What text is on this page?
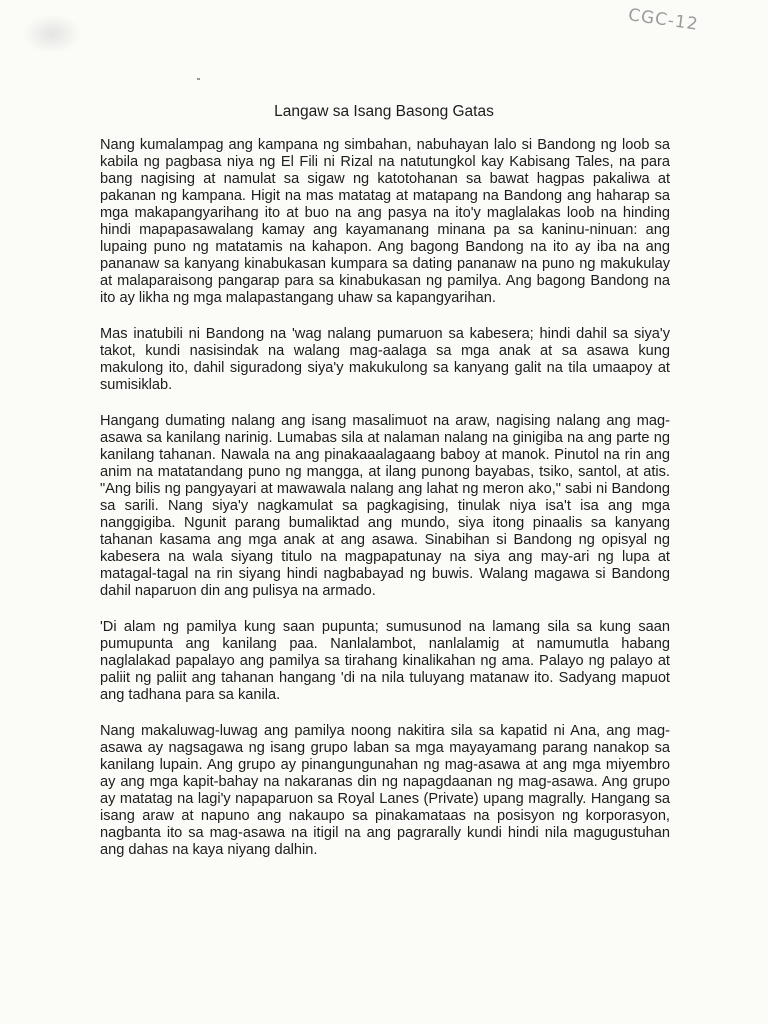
CGC-12
Langaw sa Isang Basong Gatas

Nang kumalampag ang kampana ng simbahan, nabuhayan lalo si Bandong ng loob sa kabila ng pagbasa niya ng El Fili ni Rizal na natutungkol kay Kabisang Tales, na para bang nagising at namulat sa sigaw ng katotohanan sa bawat hagpas pakaliwa at pakanan ng kampana. Higit na mas matatag at matapang na Bandong ang haharap sa mga makapangyarihang ito at buo na ang pasya na ito'y maglalakas loob na hinding hindi mapapasawalang kamay ang kayamanang minana pa sa kaninu-ninuan: ang lupaing puno ng matatamis na kahapon. Ang bagong Bandong na ito ay iba na ang pananaw sa kanyang kinabukasan kumpara sa dating pananaw na puno ng makukulay at malaparaisong pangarap para sa kinabukasan ng pamilya. Ang bagong Bandong na ito ay likha ng mga malapastangang uhaw sa kapangyarihan.

Mas inatubili ni Bandong na 'wag nalang pumaruon sa kabesera; hindi dahil sa siya'y takot, kundi nasisindak na walang mag-aalaga sa mga anak at sa asawa kung makulong ito, dahil siguradong siya'y makukulong sa kanyang galit na tila umaapoy at sumisiklab.

Hangang dumating nalang ang isang masalimuot na araw, nagising nalang ang mag-asawa sa kanilang narinig. Lumabas sila at nalaman nalang na ginigiba na ang parte ng kanilang tahanan. Nawala na ang pinakaaalagaang baboy at manok. Pinutol na rin ang anim na matatandang puno ng mangga, at ilang punong bayabas, tsiko, santol, at atis. "Ang bilis ng pangyayari at mawawala nalang ang lahat ng meron ako," sabi ni Bandong sa sarili. Nang siya'y nagkamulat sa pagkagising, tinulak niya isa't isa ang mga nanggigiba. Ngunit parang bumaliktad ang mundo, siya itong pinaalis sa kanyang tahanan kasama ang mga anak at ang asawa. Sinabihan si Bandong ng opisyal ng kabesera na wala siyang titulo na magpapatunay na siya ang may-ari ng lupa at matagal-tagal na rin siyang hindi nagbabayad ng buwis. Walang magawa si Bandong dahil naparuon din ang pulisya na armado.

'Di alam ng pamilya kung saan pupunta; sumusunod na lamang sila sa kung saan pumupunta ang kanilang paa. Nanlalambot, nanlalamig at namumutla habang naglalakad papalayo ang pamilya sa tirahang kinalikahan ng ama. Palayo ng palayo at paliit ng paliit ang tahanan hangang 'di na nila tuluyang matanaw ito. Sadyang mapuot ang tadhana para sa kanila.

Nang makaluwag-luwag ang pamilya noong nakitira sila sa kapatid ni Ana, ang mag-asawa ay nagsagawa ng isang grupo laban sa mga mayayamang parang nanakop sa kanilang lupain. Ang grupo ay pinangungunahan ng mag-asawa at ang mga miyembro ay ang mga kapit-bahay na nakaranas din ng napagdaanan ng mag-asawa. Ang grupo ay matatag na lagi'y napaparuon sa Royal Lanes (Private) upang magrally. Hangang sa isang araw at napuno ang nakaupo sa pinakamataas na posisyon ng korporasyon, nagbanta ito sa mag-asawa na itigil na ang pagrarally kundi hindi nila magugustuhan ang dahas na kaya niyang dalhin.
